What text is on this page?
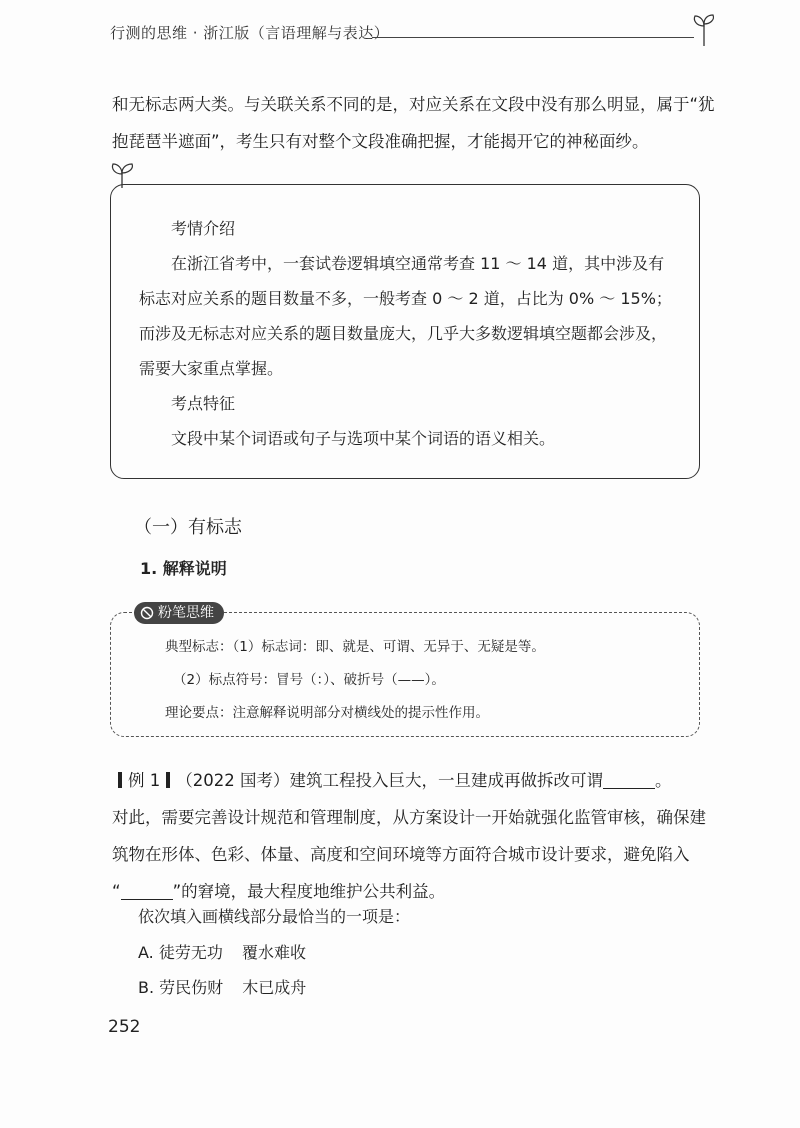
行测的思维 · 浙江版（言语理解与表达）
和无标志两大类。与关联关系不同的是，对应关系在文段中没有那么明显，属于“犹
抱琵琶半遮面”，考生只有对整个文段准确把握，才能揭开它的神秘面纱。
考情介绍
在浙江省考中，一套试卷逻辑填空通常考查 11 ～ 14 道，其中涉及有
标志对应关系的题目数量不多，一般考查 0 ～ 2 道，占比为 0% ～ 15%；
而涉及无标志对应关系的题目数量庞大，几乎大多数逻辑填空题都会涉及，
需要大家重点掌握。
考点特征
文段中某个词语或句子与选项中某个词语的语义相关。
（一）有标志
1. 解释说明
典型标志：（1）标志词：即、就是、可谓、无异于、无疑是等。
（2）标点符号：冒号（：）、破折号（——）。
理论要点：注意解释说明部分对横线处的提示性作用。
粉笔思维
例 1 （2022 国考）建筑工程投入巨大，一旦建成再做拆改可谓	。
对此，需要完善设计规范和管理制度，从方案设计一开始就强化监管审核，确保建
筑物在形体、色彩、体量、高度和空间环境等方面符合城市设计要求，避免陷入
“	”的窘境，最大程度地维护公共利益。
依次填入画横线部分最恰当的一项是：
A. 徒劳无功 覆水难收
B. 劳民伤财 木已成舟
252
